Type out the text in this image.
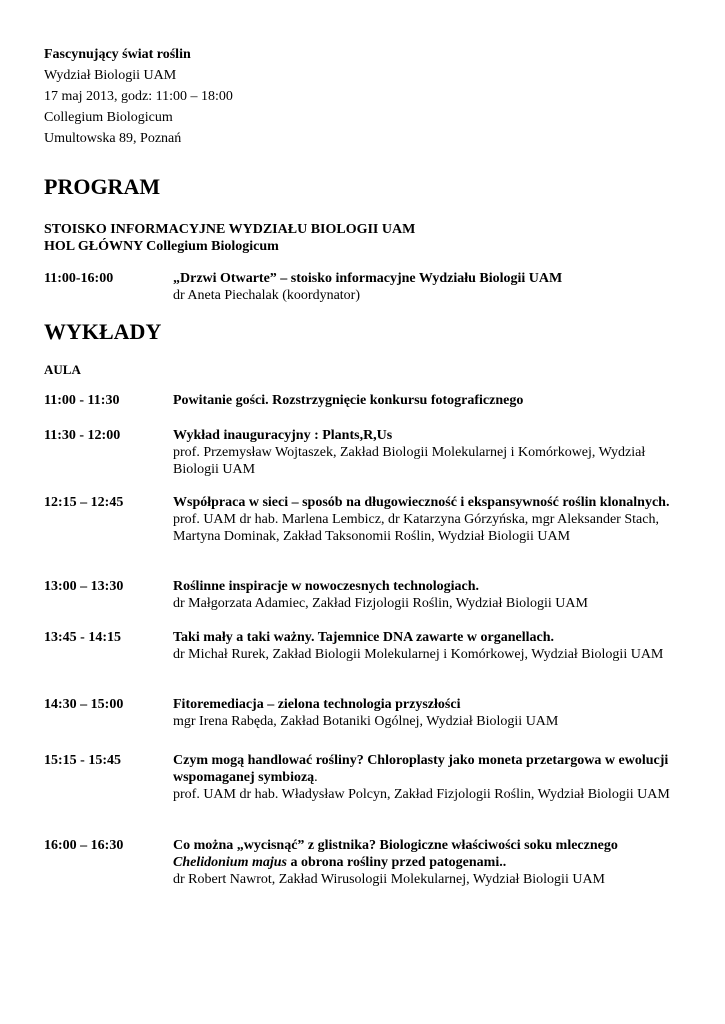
Fascynujący świat roślin
Wydział Biologii UAM
17 maj 2013, godz: 11:00 – 18:00
Collegium Biologicum
Umultowska 89, Poznań
PROGRAM
STOISKO INFORMACYJNE WYDZIAŁU BIOLOGII UAM
HOL GŁÓWNY Collegium Biologicum
11:00-16:00	„Drzwi Otwarte” – stoisko informacyjne Wydziału Biologii UAM
dr Aneta Piechalak (koordynator)
WYKŁADY
AULA
11:00 - 11:30	Powitanie gości. Rozstrzygnięcie konkursu fotograficznego
11:30 - 12:00	Wykład inauguracyjny : Plants,R,Us
prof. Przemysław Wojtaszek, Zakład Biologii Molekularnej i Komórkowej, Wydział Biologii UAM
12:15 – 12:45	Współpraca w sieci – sposób na długowieczność i ekspansywność roślin klonalnych.
prof. UAM dr hab. Marlena Lembicz, dr Katarzyna Górzyńska, mgr Aleksander Stach, Martyna Dominak, Zakład Taksonomii Roślin, Wydział Biologii UAM
13:00 – 13:30	Roślinne inspiracje w nowoczesnych technologiach.
dr Małgorzata Adamiec, Zakład Fizjologii Roślin, Wydział Biologii UAM
13:45 - 14:15	Taki mały a taki ważny. Tajemnice DNA zawarte w organellach.
dr Michał Rurek, Zakład Biologii Molekularnej i Komórkowej, Wydział Biologii UAM
14:30 – 15:00	Fitoremediacja – zielona technologia przyszłości
mgr Irena Rabęda, Zakład Botaniki Ogólnej, Wydział Biologii UAM
15:15 - 15:45	Czym mogą handlować rośliny? Chloroplasty jako moneta przetargowa w ewolucji wspomaganej symbiozą.
prof. UAM dr hab. Władysław Polcyn, Zakład Fizjologii Roślin, Wydział Biologii UAM
16:00 – 16:30	Co można „wycisnąć” z glistnika? Biologiczne właściwości soku mlecznego Chelidonium majus a obrona rośliny przed patogenami..
dr Robert Nawrot, Zakład Wirusologii Molekularnej, Wydział Biologii UAM
